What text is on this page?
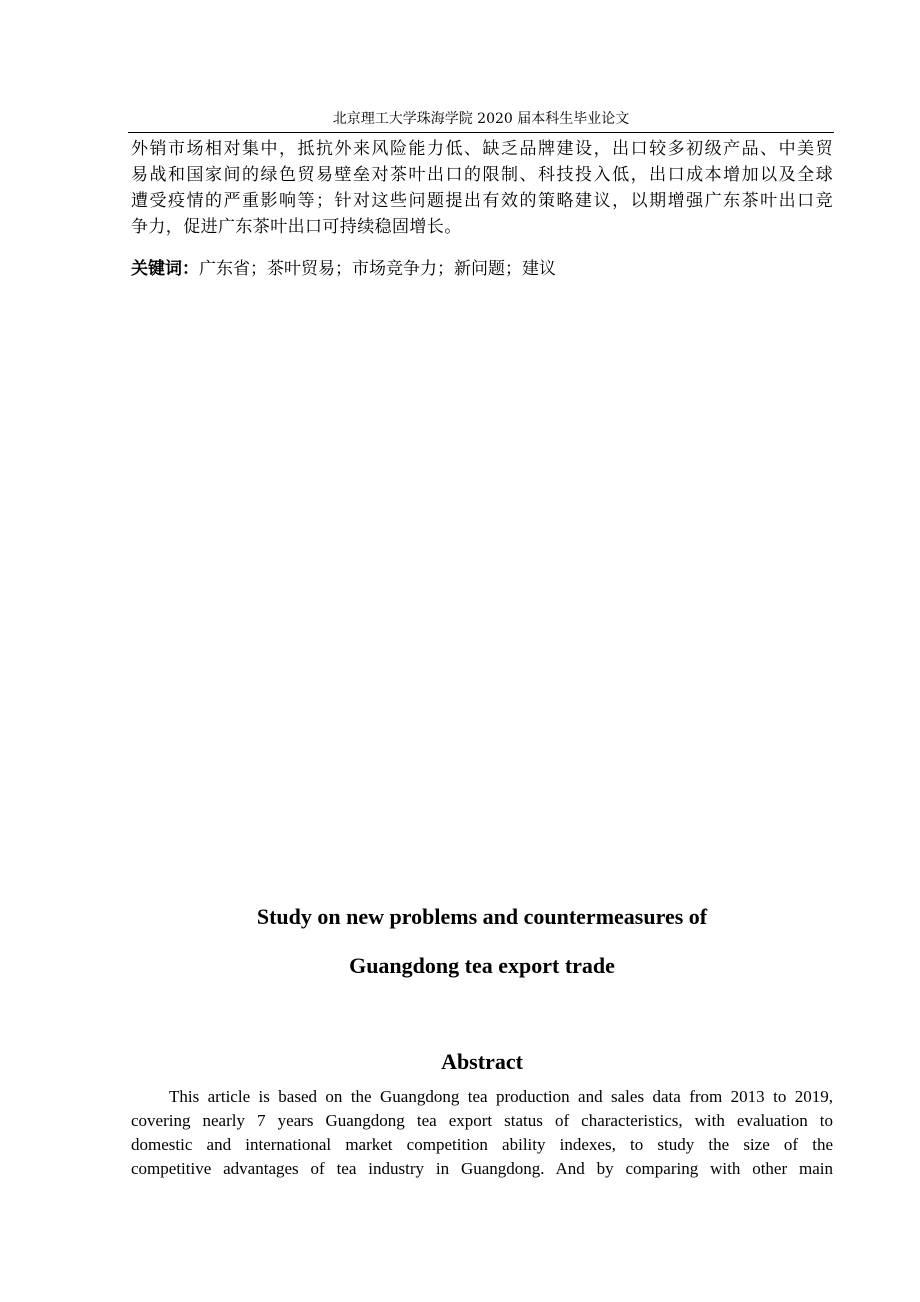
北京理工大学珠海学院 2020 届本科生毕业论文
外销市场相对集中，抵抗外来风险能力低、缺乏品牌建设，出口较多初级产品、中美贸
易战和国家间的绿色贸易壁垒对茶叶出口的限制、科技投入低，出口成本增加以及全球
遭受疫情的严重影响等；针对这些问题提出有效的策略建议，以期增强广东茶叶出口竞
争力，促进广东茶叶出口可持续稳固增长。
关键词：广东省；茶叶贸易；市场竞争力；新问题；建议
Study on new problems and countermeasures of
Guangdong tea export trade
Abstract
This article is based on the Guangdong tea production and sales data from 2013 to 2019,
covering nearly 7 years Guangdong tea export status of characteristics, with evaluation to
domestic and international market competition ability indexes, to study the size of the
competitive advantages of tea industry in Guangdong. And by comparing with other main
